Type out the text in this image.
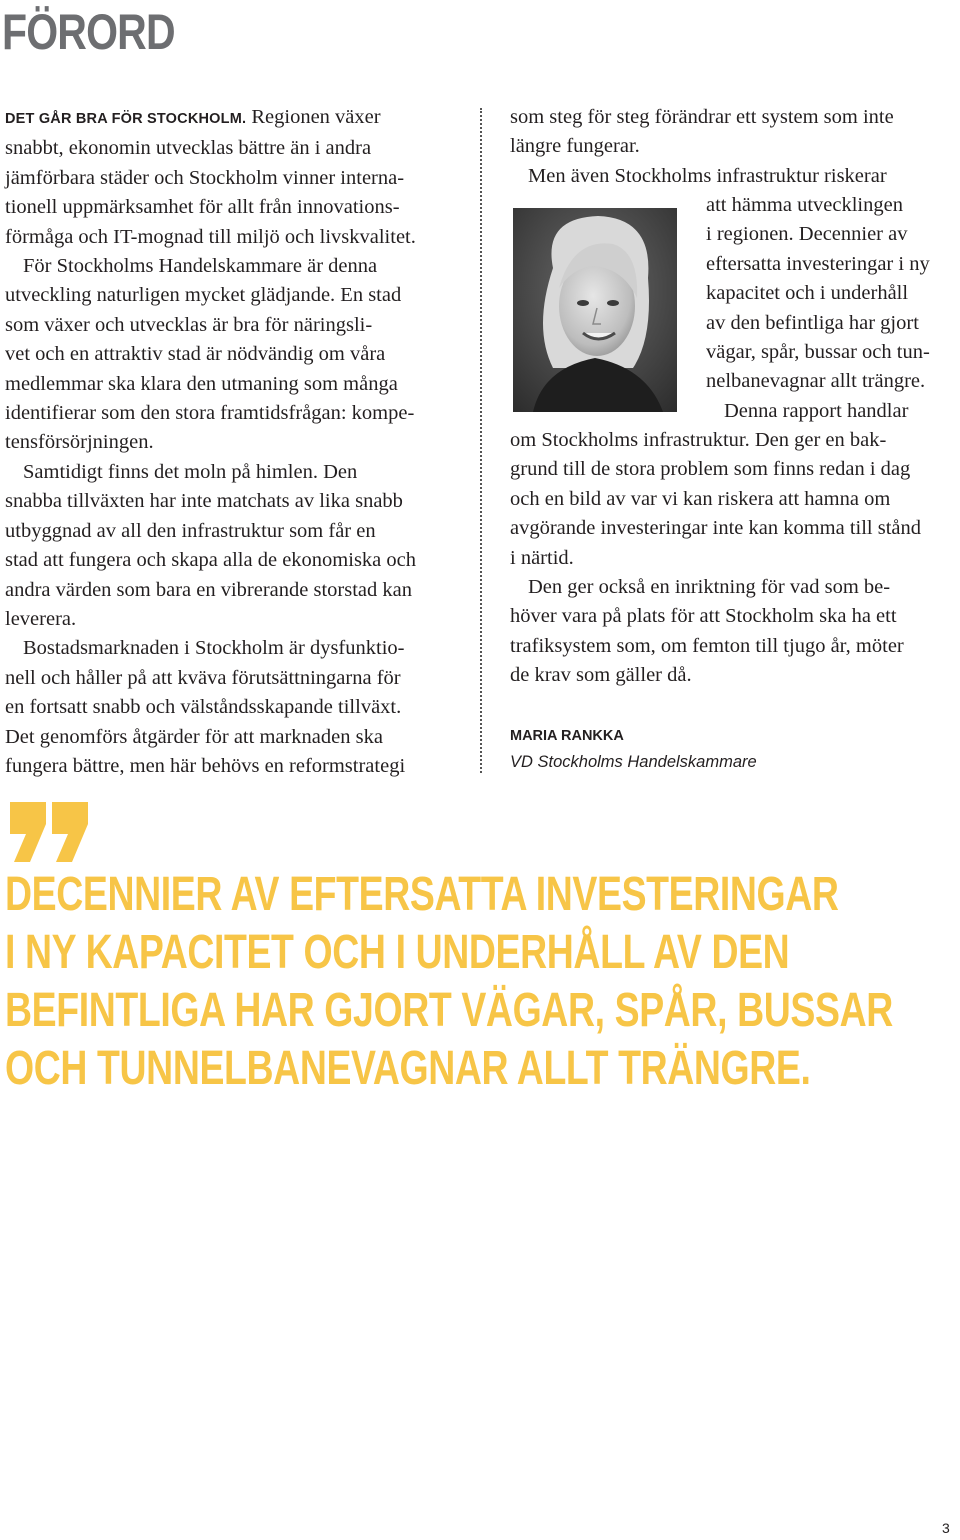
FÖRORD

DET GÅR BRA FÖR STOCKHOLM. Regionen växer
snabbt, ekonomin utvecklas bättre än i andra
jämförbara städer och Stockholm vinner interna-
tionell uppmärksamhet för allt från innovations-
förmåga och IT-mognad till miljö och livskvalitet.

För Stockholms Handelskammare är denna
utveckling naturligen mycket glädjande. En stad
som växer och utvecklas är bra för näringsli-
vet och en attraktiv stad är nödvändig om våra
medlemmar ska klara den utmaning som många
identifierar som den stora framtidsfrågan: kompe-
tensförsörjningen.

Samtidigt finns det moln på himlen. Den
snabba tillväxten har inte matchats av lika snabb
utbyggnad av all den infrastruktur som får en
stad att fungera och skapa alla de ekonomiska och
andra värden som bara en vibrerande storstad kan
leverera.

Bostadsmarknaden i Stockholm är dysfunktio-
nell och håller på att kväva förutsättningarna för
en fortsatt snabb och välståndsskapande tillväxt.
Det genomförs åtgärder för att marknaden ska
fungera bättre, men här behövs en reformstrategi

som steg för steg förändrar ett system som inte
längre fungerar.
Men även Stockholms infrastruktur riskerar

att hämma utvecklingen
i regionen. Decennier av
eftersatta investeringar i ny
kapacitet och i underhåll
av den befintliga har gjort
vägar, spår, bussar och tun-
nelbanevagnar allt trängre.
Denna rapport handlar

om Stockholms infrastruktur. Den ger en bak-
grund till de stora problem som finns redan i dag
och en bild av var vi kan riskera att hamna om
avgörande investeringar inte kan komma till stånd
i närtid.

Den ger också en inriktning för vad som be-
höver vara på plats för att Stockholm ska ha ett
trafiksystem som, om femton till tjugo år, möter
de krav som gäller då.

MARIA RANKKA

VD Stockholms Handelskammare

DECENNIER AV EFTERSATTA INVESTERINGAR
I NY KAPACITET OCH I UNDERHÅLL AV DEN
BEFINTLIGA HAR GJORT VÄGAR, SPÅR, BUSSAR
OCH TUNNELBANEVAGNAR ALLT TRÄNGRE.
3
